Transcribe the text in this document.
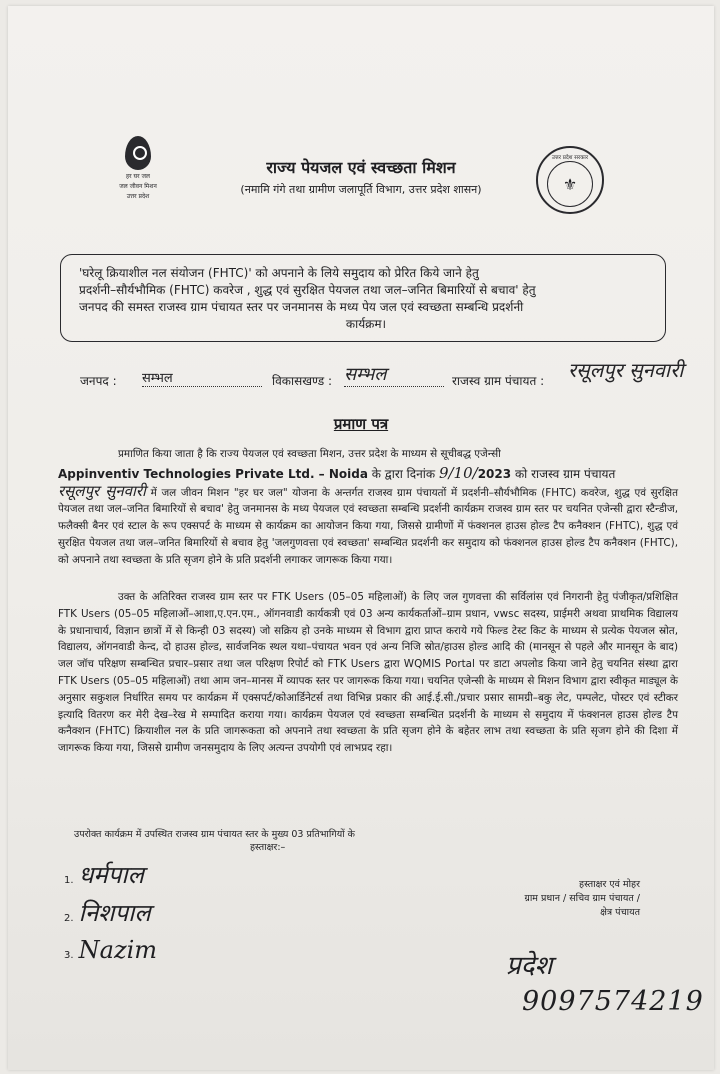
हर घर जल
जल जीवन मिशन
उत्तर प्रदेश
राज्य पेयजल एवं स्वच्छता मिशन
(नमामि गंगे तथा ग्रामीण जलापूर्ति विभाग, उत्तर प्रदेश शासन)
उत्तर प्रदेश सरकार
⚜

'घरेलू क्रियाशील नल संयोजन (FHTC)' को अपनाने के लिये समुदाय को प्रेरित किये जाने हेतु

प्रदर्शनी–सौर्यभौमिक (FHTC) कवरेज , शुद्ध एवं सुरक्षित पेयजल तथा जल–जनित बिमारियों से बचाव' हेतु

जनपद की समस्त राजस्व ग्राम पंचायत स्तर पर जनमानस के मध्य पेय जल एवं स्वच्छता सम्बन्धि प्रदर्शनी

कार्यक्रम।

जनपद : सम्भल	विकासखण्ड : सम्भल	राजस्व ग्राम पंचायत : रसूलपुर सुनवारी
प्रमाण पत्र

प्रमाणित किया जाता है कि राज्य पेयजल एवं स्वच्छता मिशन, उत्तर प्रदेश के माध्यम से सूचीबद्ध एजेन्सी

Appinventiv Technologies Private Ltd. – Noida के द्वारा दिनांक 9/10/2023 को राजस्व ग्राम पंचायत
रसूलपुर सुनवारी में जल जीवन मिशन "हर घर जल" योजना के अन्तर्गत राजस्व ग्राम पंचायतों में प्रदर्शनी–सौर्यभौमिक (FHTC) कवरेज, शुद्ध एवं सुरक्षित पेयजल तथा जल–जनित बिमारियों से बचाव' हेतु जनमानस के मध्य पेयजल एवं स्वच्छता सम्बन्धि प्रदर्शनी कार्यक्रम राजस्व ग्राम स्तर पर चयनित एजेन्सी द्वारा स्टैन्डीज, फलैक्सी बैनर एवं स्टाल के रूप एक्सपर्ट के माध्यम से कार्यक्रम का आयोजन किया गया, जिससे ग्रामीणों में फंक्शनल हाउस होल्ड टैप कनैक्शन (FHTC), शुद्ध एवं सुरक्षित पेयजल तथा जल–जनित बिमारियों से बचाव हेतु 'जलगुणवत्ता एवं स्वच्छता' सम्बन्धित प्रदर्शनी कर समुदाय को फंक्शनल हाउस होल्ड टैप कनैक्शन (FHTC), को अपनाने तथा स्वच्छता के प्रति सृजग होने के प्रति प्रदर्शनी लगाकर जागरूक किया गया।

उक्त के अतिरिक्त राजस्व ग्राम स्तर पर FTK Users (05–05 महिलाओं) के लिए जल गुणवत्ता की सर्विलांस एवं निगरानी हेतु पंजीकृत/प्रशिक्षित FTK Users (05–05 महिलाओं–आशा,ए.एन.एम., ऑगनवाडी कार्यकत्री एवं 03 अन्य कार्यकर्ताओं–ग्राम प्रधान, vwsc सदस्य, प्राईमरी अथवा प्राथमिक विद्यालय के प्रधानाचार्य, विज्ञान छात्रों में से किन्ही 03 सदस्य) जो सक्रिय हो उनके माध्यम से विभाग द्वारा प्राप्त कराये गये फिल्ड टेस्ट किट के माध्यम से प्रत्येक पेयजल स्रोत, विद्यालय, ऑगनवाडी केन्द, दो हाउस होल्ड, सार्वजनिक स्थल यथा–पंचायत भवन एवं अन्य निजि स्रोत/हाउस होल्ड आदि की (मानसून से पहले और मानसून के बाद) जल जॉच परिक्षण सम्बन्धित प्रचार–प्रसार तथा जल परिक्षण रिपोर्ट को FTK Users द्वारा WQMIS Portal पर डाटा अपलोड किया जाने हेतु चयनित संस्था द्वारा FTK Users (05–05 महिलाओं) तथा आम जन–मानस में व्यापक स्तर पर जागरूक किया गया। चयनित एजेन्सी के माध्यम से मिशन विभाग द्वारा स्वीकृत माड्यूल के अनुसार सकुशल निर्धारित समय पर कार्यक्रम में एक्सपर्ट/कोआर्डिनेटर्स तथा विभिन्न प्रकार की आई.ई.सी./प्रचार प्रसार सामग्री–बकु लेट, पम्पलेट, पोस्टर एवं स्टीकर इत्यादि वितरण कर मेरी देख–रेख मे सम्पादित कराया गया। कार्यक्रम पेयजल एवं स्वच्छता सम्बन्धित प्रदर्शनी के माध्यम से समुदाय में फंक्शनल हाउस होल्ड टैप कनैक्शन (FHTC) क्रियाशील नल के प्रति जागरूकता को अपनाने तथा स्वच्छता के प्रति सृजग होने के बहेतर लाभ तथा स्वच्छता के प्रति सृजग होने की दिशा में जागरूक किया गया, जिससे ग्रामीण जनसमुदाय के लिए अत्यन्त उपयोगी एवं लाभप्रद रहा।

उपरोक्त कार्यक्रम में उपस्थित राजस्व ग्राम पंचायत स्तर के मुख्य 03 प्रतिभागियों के
हस्ताक्षर:–
1. धर्मपाल
2. निशपाल
3. Nazim
हस्ताक्षर एवं मोहर
ग्राम प्रधान / सचिव ग्राम पंचायत /
क्षेत्र पंचायत
प्रदेश
9097574219
